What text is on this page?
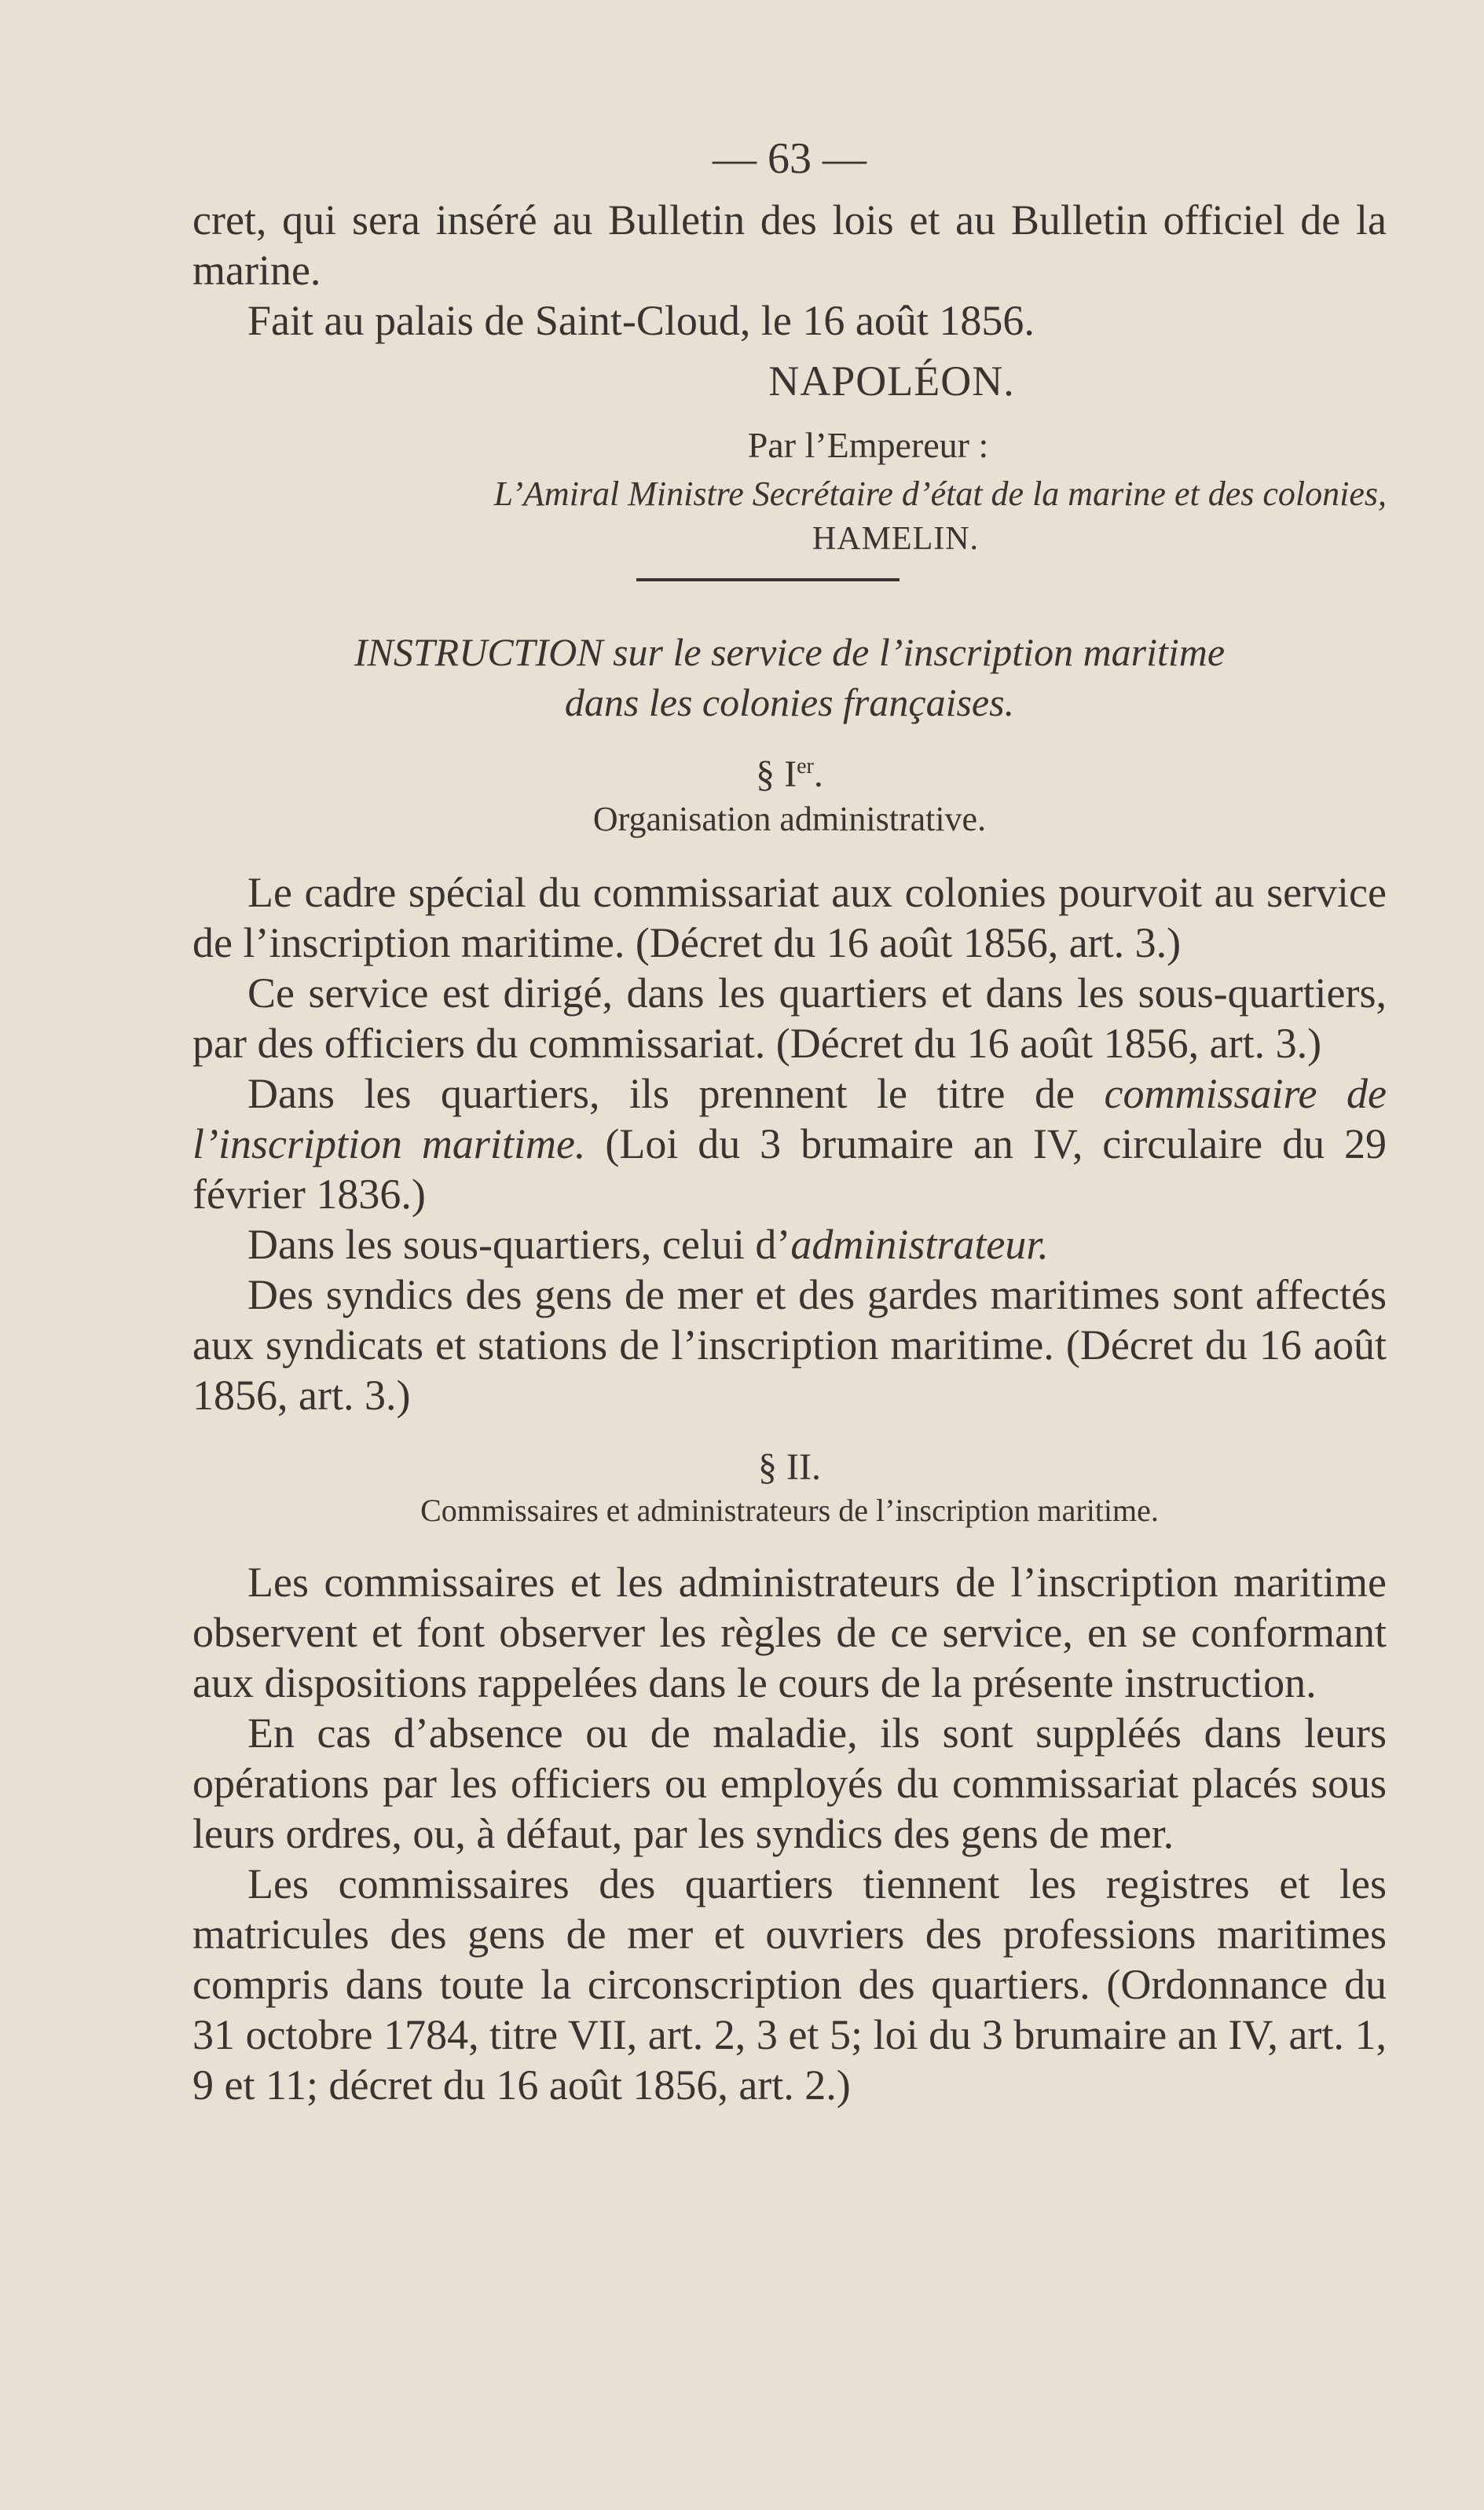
— 63 —

cret, qui sera inséré au Bulletin des lois et au Bulletin officiel de la marine.

Fait au palais de Saint-Cloud, le 16 août 1856.

NAPOLÉON.
Par l’Empereur :
L’Amiral Ministre Secrétaire d’état de la marine et des colonies,
HAMELIN.
INSTRUCTION sur le service de l’inscription maritime
dans les colonies françaises.
§ Ier.
Organisation administrative.

Le cadre spécial du commissariat aux colonies pourvoit au service de l’inscription maritime. (Décret du 16 août 1856, art. 3.)

Ce service est dirigé, dans les quartiers et dans les sous-quartiers, par des officiers du commissariat. (Décret du 16 août 1856, art. 3.)

Dans les quartiers, ils prennent le titre de commissaire de l’inscription maritime. (Loi du 3 brumaire an IV, circulaire du 29 février 1836.)

Dans les sous-quartiers, celui d’administrateur.

Des syndics des gens de mer et des gardes maritimes sont affectés aux syndicats et stations de l’inscription maritime. (Décret du 16 août 1856, art. 3.)

§ II.
Commissaires et administrateurs de l’inscription maritime.

Les commissaires et les administrateurs de l’inscription maritime observent et font observer les règles de ce service, en se conformant aux dispositions rappelées dans le cours de la présente instruction.

En cas d’absence ou de maladie, ils sont suppléés dans leurs opérations par les officiers ou employés du commissariat placés sous leurs ordres, ou, à défaut, par les syndics des gens de mer.

Les commissaires des quartiers tiennent les registres et les matricules des gens de mer et ouvriers des professions maritimes compris dans toute la circonscription des quartiers. (Ordonnance du 31 octobre 1784, titre VII, art. 2, 3 et 5; loi du 3 brumaire an IV, art. 1, 9 et 11; décret du 16 août 1856, art. 2.)
